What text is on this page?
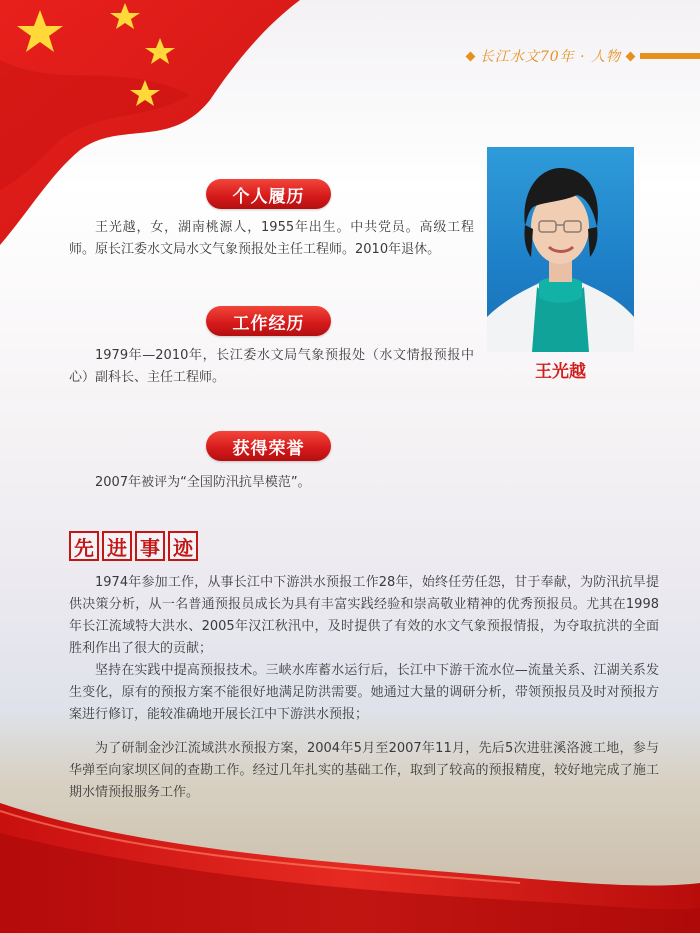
长江水文70年 · 人物
王光越
个人履历
王光越，女，湖南桃源人，1955年出生。中共党员。高级工程师。原长江委水文局水文气象预报处主任工程师。2010年退休。
工作经历
1979年—2010年，长江委水文局气象预报处（水文情报预报中心）副科长、主任工程师。
获得荣誉
2007年被评为“全国防汛抗旱模范”。
先 进 事 迹
1974年参加工作，从事长江中下游洪水预报工作28年，始终任劳任怨，甘于奉献，为防汛抗旱提供决策分析，从一名普通预报员成长为具有丰富实践经验和崇高敬业精神的优秀预报员。尤其在1998年长江流域特大洪水、2005年汉江秋汛中，及时提供了有效的水文气象预报情报，为夺取抗洪的全面胜利作出了很大的贡献；
坚持在实践中提高预报技术。三峡水库蓄水运行后，长江中下游干流水位—流量关系、江湖关系发生变化，原有的预报方案不能很好地满足防洪需要。她通过大量的调研分析，带领预报员及时对预报方案进行修订，能较准确地开展长江中下游洪水预报；
为了研制金沙江流域洪水预报方案，2004年5月至2007年11月，先后5次进驻溪洛渡工地，参与华弹至向家坝区间的查勘工作。经过几年扎实的基础工作，取到了较高的预报精度，较好地完成了施工期水情预报服务工作。
